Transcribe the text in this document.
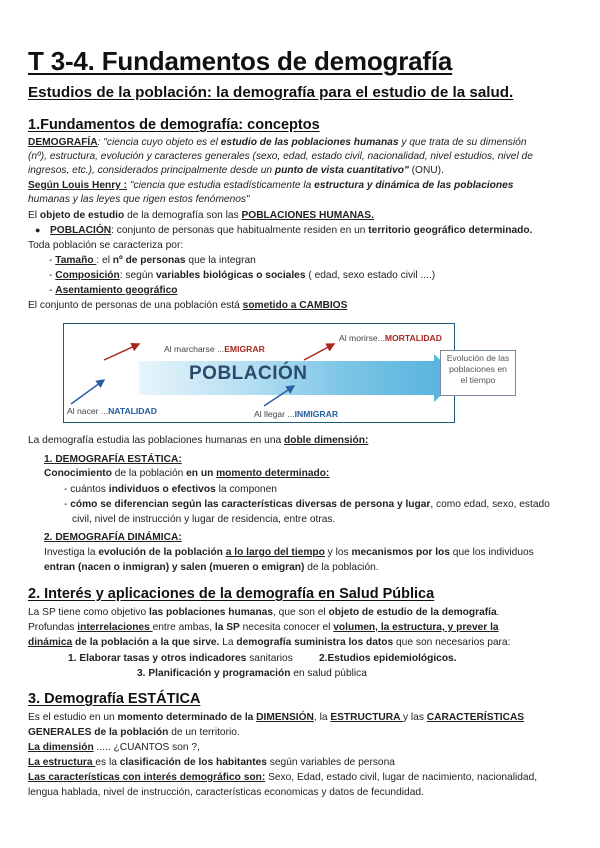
T 3-4. Fundamentos de demografía
Estudios de la población: la demografía para el estudio de la salud.
1.Fundamentos de demografía: conceptos
DEMOGRAFÍA: "ciencia cuyo objeto es el estudio de las poblaciones humanas y que trata de su dimensión
(nº), estructura, evolución y caracteres generales (sexo, edad, estado civil, nacionalidad, nivel estudios, nivel de
ingresos, etc.), considerados principalmente desde un punto de vista cuantitativo" (ONU).
Según Louis Henry : "ciencia que estudia estadísticamente la estructura y dinámica de las poblaciones
humanas y las leyes que rigen estos fenómenos"
El objeto de estudio de la demografía son las POBLACIONES HUMANAS.
● POBLACIÓN: conjunto de personas que habitualmente residen en un territorio geográfico determinado.
Toda población se caracteriza por:
- Tamaño : el nº de personas que la integran
- Composición: según variables biológicas o sociales ( edad, sexo estado civil ....)
- Asentamiento geográfico
El conjunto de personas de una población está sometido a CAMBIOS
POBLACIÓN
Al marcharse ...EMIGRAR
Al morirse...MORTALIDAD
Al nacer ...NATALIDAD	Al llegar ...INMIGRAR
Evolución de las
poblaciones en
el tiempo
La demografía estudia las poblaciones humanas en una doble dimensión:
1. DEMOGRAFÍA ESTÁTICA:
Conocimiento de la población en un momento determinado:
- cuántos individuos o efectivos la componen
- cómo se diferencian según las características diversas de persona y lugar, como edad, sexo, estado
civil, nivel de instrucción y lugar de residencia, entre otras.
2. DEMOGRAFÍA DINÁMICA:
Investiga la evolución de la población a lo largo del tiempo y los mecanismos por los que los individuos
entran (nacen o inmigran) y salen (mueren o emigran) de la población.
2. Interés y aplicaciones de la demografía en Salud Pública
La SP tiene como objetivo las poblaciones humanas, que son el objeto de estudio de la demografía.
Profundas interrelaciones entre ambas, la SP necesita conocer el volumen, la estructura, y prever la
dinámica de la población a la que sirve. La demografía suministra los datos que son necesarios para:
1. Elaborar tasas y otros indicadores sanitarios	2.Estudios epidemiológicos.
3. Planificación y programación en salud pública
3. Demografía ESTÁTICA
Es el estudio en un momento determinado de la DIMENSIÓN, la ESTRUCTURA y las CARACTERÍSTICAS
GENERALES de la población de un territorio.
La dimensión ..... ¿CUANTOS son ?,
La estructura es la clasificación de los habitantes según variables de persona
Las características con interés demográfico son: Sexo, Edad, estado civil, lugar de nacimiento, nacionalidad,
lengua hablada, nivel de instrucción, características economicas y datos de fecundidad.
